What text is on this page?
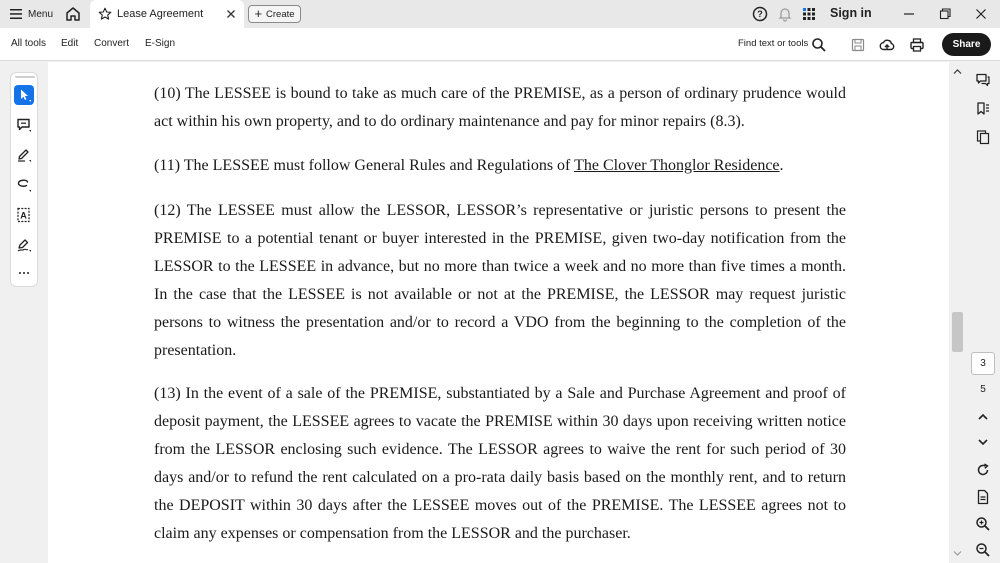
Menu	Lease Agreement	+ Create	?	Sign in
All tools Edit Convert E-Sign	Find text or tools	Share
A

(10) The LESSEE is bound to take as much care of the PREMISE, as a person of ordinary prudence would act within his own property, and to do ordinary maintenance and pay for minor repairs (8.3).

(11) The LESSEE must follow General Rules and Regulations of The Clover Thonglor Residence.

(12) The LESSEE must allow the LESSOR, LESSOR’s representative or juristic persons to present the PREMISE to a potential tenant or buyer interested in the PREMISE, given two-day notification from the LESSOR to the LESSEE in advance, but no more than twice a week and no more than five times a month. In the case that the LESSEE is not available or not at the PREMISE, the LESSOR may request juristic persons to witness the presentation and/or to record a VDO from the beginning to the completion of the presentation.

(13) In the event of a sale of the PREMISE, substantiated by a Sale and Purchase Agreement and proof of deposit payment, the LESSEE agrees to vacate the PREMISE within 30 days upon receiving written notice from the LESSOR enclosing such evidence. The LESSOR agrees to waive the rent for such period of 30 days and/or to refund the rent calculated on a pro-rata daily basis based on the monthly rent, and to return the DEPOSIT within 30 days after the LESSEE moves out of the PREMISE. The LESSEE agrees not to claim any expenses or compensation from the LESSOR and the purchaser.

3
5
